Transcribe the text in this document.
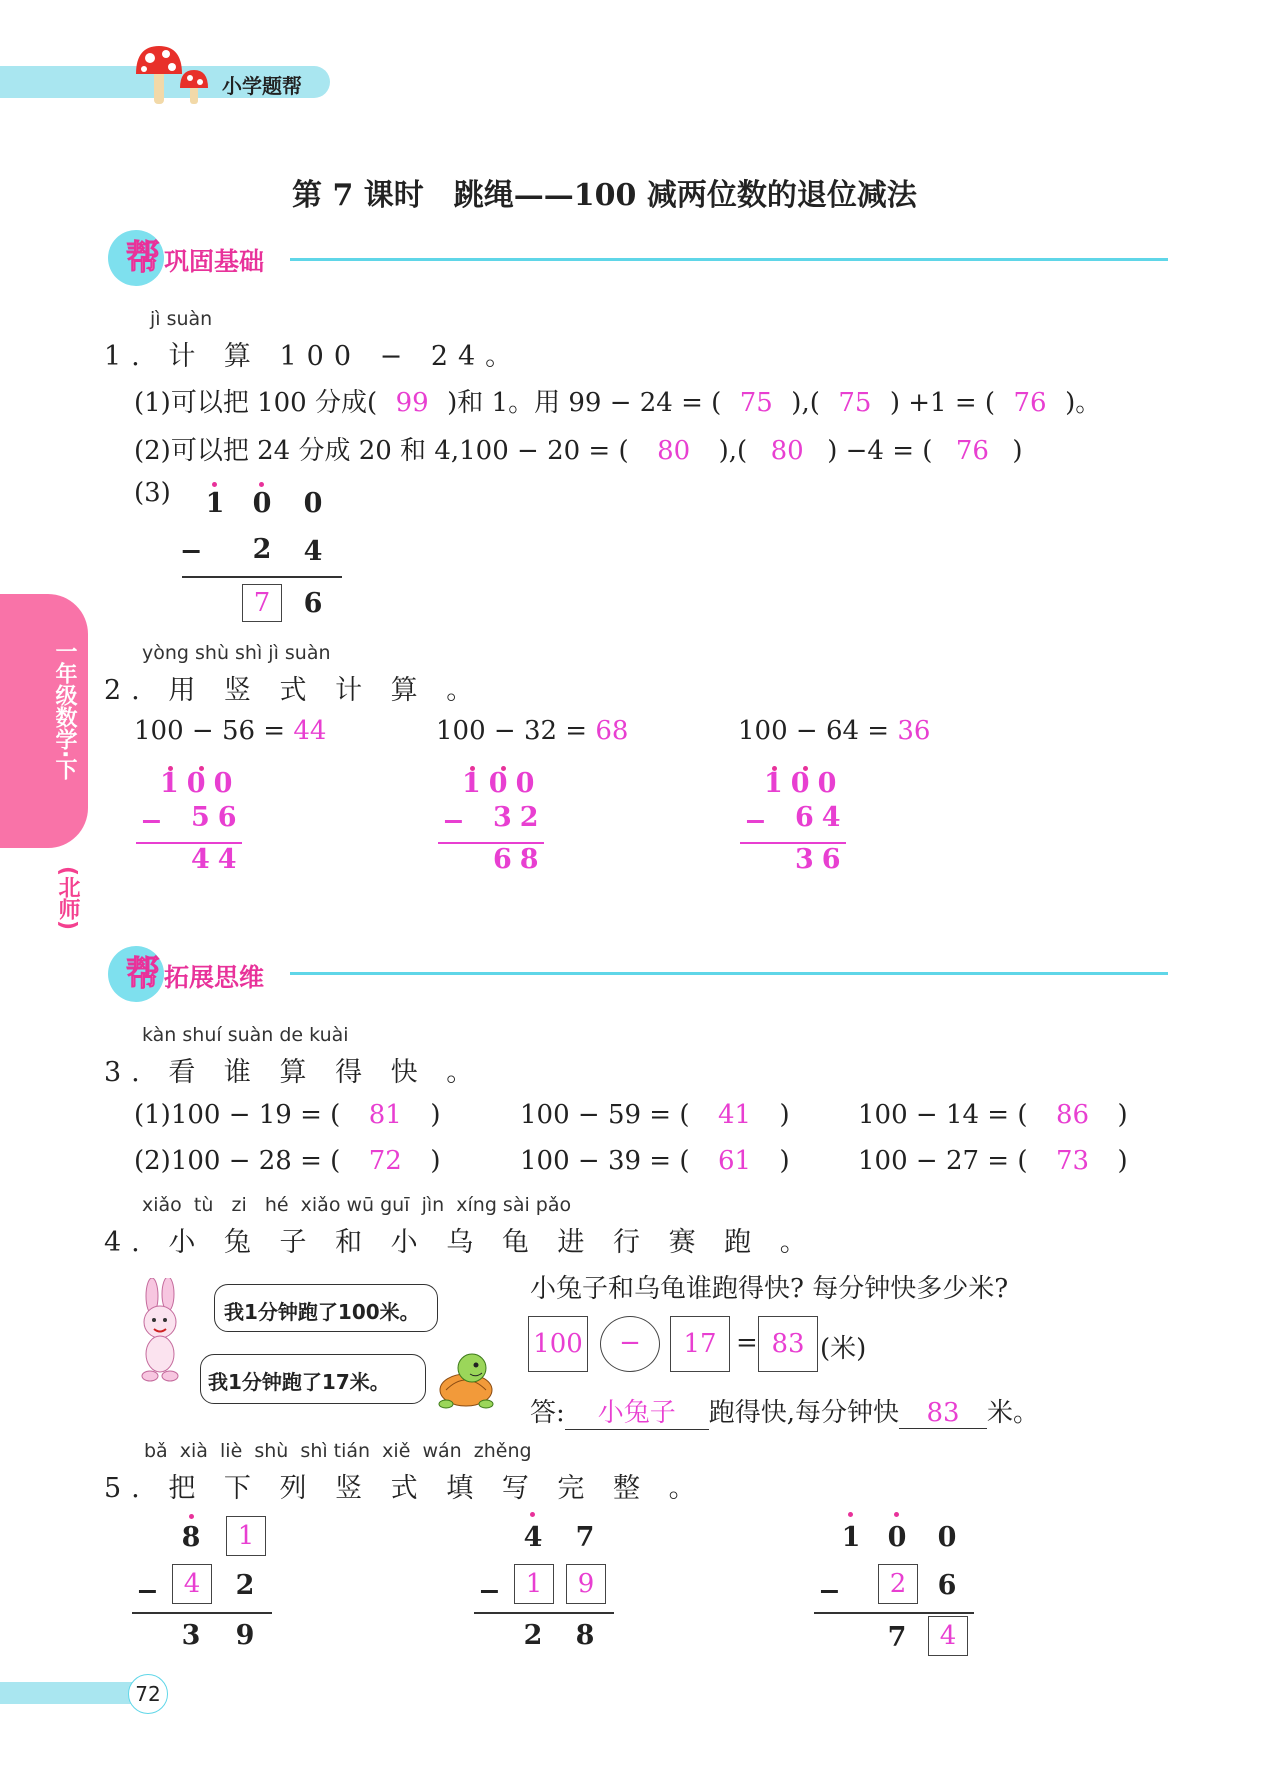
小学题帮
一年级数学·下
(北师)
第 7 课时　跳绳——100 减两位数的退位减法
帮 巩固基础
jì suàn
1. 计 算 100 − 24。
(1)可以把 100 分成( 99 )和 1。用 99 − 24 = ( 75 ),( 75 ) +1 = ( 76 )。
(2)可以把 24 分成 20 和 4,100 − 20 = ( 80 ),( 80 ) −4 = ( 76 )
(3) 1 0 0
− 2 4
7	6
yòng shù shì jì suàn
2. 用 竖 式 计 算 。
100 − 56 = 44	100 − 32 = 68	100 − 64 = 36
100
− 56
44
100
− 32
68
100
− 64
36
帮 拓展思维
kàn shuí suàn de kuài
3. 看 谁 算 得 快 。
(1)100 − 19 = ( 81 )	100 − 59 = ( 41 )	100 − 14 = ( 86 )
(2)100 − 28 = ( 72 )	100 − 39 = ( 61 )	100 − 27 = ( 73 )
xiǎo  tù   zi   hé  xiǎo wū guī  jìn  xíng sài pǎo
4. 小 兔 子 和 小 乌 龟 进 行 赛 跑 。
我1分钟跑了100米。
我1分钟跑了17米。
小兔子和乌龟谁跑得快? 每分钟快多少米?
100	−	17 = 83 (米)
答: 小兔子 跑得快,每分钟快 83 米。
bǎ  xià  liè  shù  shì tián  xiě  wán  zhěng
5. 把 下 列 竖 式 填 写 完 整 。
8	1
− 4	2
3 9
4 7
− 1	9
2 8
1 0 0
−	2	6
7	4
72
